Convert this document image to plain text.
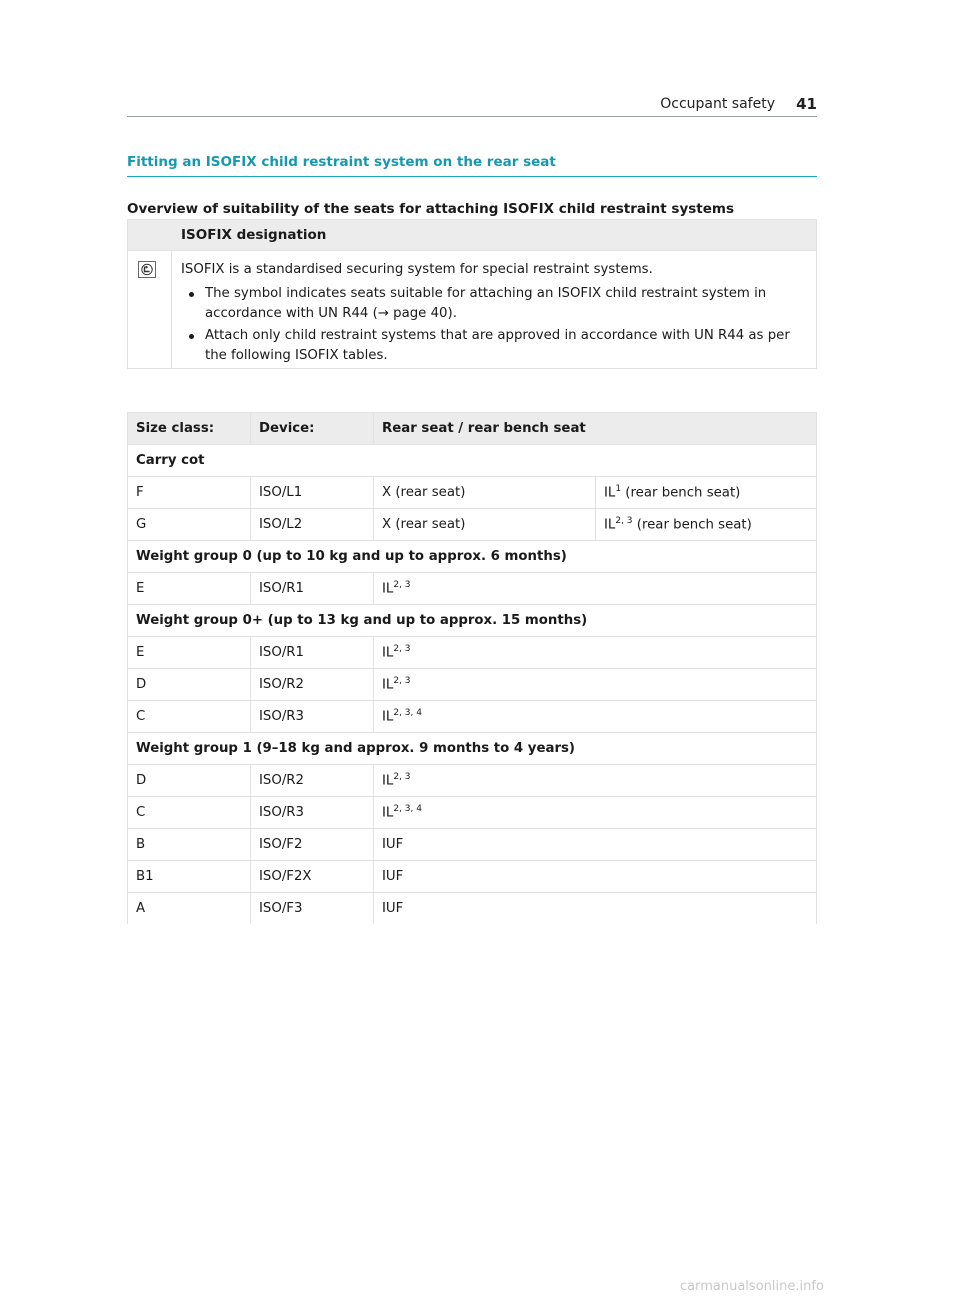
Occupant safety 41
Fitting an ISOFIX child restraint system on the rear seat
Overview of suitability of the seats for attaching ISOFIX child restraint systems
ISOFIX designation

ISOFIX is a standardised securing system for special restraint systems.

The symbol indicates seats suitable for attaching an ISOFIX child restraint system in accordance with UN R44 (→ page 40).
Attach only child restraint systems that are approved in accordance with UN R44 as per the following ISOFIX tables.
Size class:	Device:	Rear seat / rear bench seat	
Carry cot			
F	ISO/L1	X (rear seat)	$IL^1$ (rear bench seat)
G	ISO/L2	X (rear seat)	IL$^{2, 3}$ (rear bench seat)
Weight group 0 (up to 10 kg and up to approx. 6 months)			
E	ISO/R1	IL$^{2, 3}$
Weight group 0+ (up to 13 kg and up to approx. 15 months)			
E	ISO/R1	IL$^{2, 3}$
D	ISO/R2	IL$^{2, 3}$
C	ISO/R3	IL$^{2, 3, 4}$
Weight group 1 (9–18 kg and approx. 9 months to 4 years)			
D	ISO/R2	IL$^{2, 3}$
C	ISO/R3	IL$^{2, 3, 4}$
B	ISO/F2	IUF	
B1	ISO/F2X	IUF	
A	ISO/F3	IUF	
carmanualsonline.info
